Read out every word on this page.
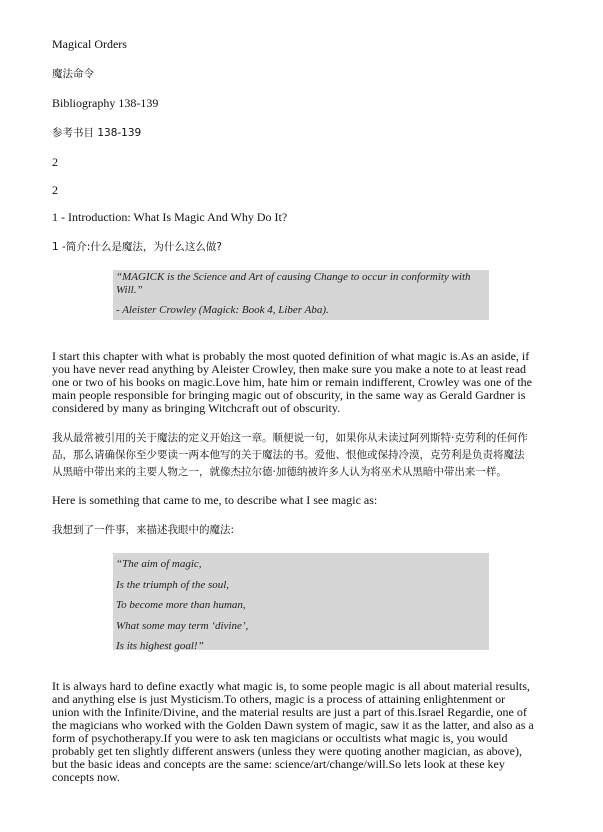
Magical Orders
魔法命令
Bibliography 138-139
参考书目 138-139
2
2
1 - Introduction: What Is Magic And Why Do It?
1 -简介:什么是魔法，为什么这么做?

“MAGICK is the Science and Art of causing Change to occur in conformity with

Will.”

- Aleister Crowley (Magick: Book 4, Liber Aba).

I start this chapter with what is probably the most quoted definition of what magic is.As an aside, if
you have never read anything by Aleister Crowley, then make sure you make a note to at least read
one or two of his books on magic.Love him, hate him or remain indifferent, Crowley was one of the
main people responsible for bringing magic out of obscurity, in the same way as Gerald Gardner is
considered by many as bringing Witchcraft out of obscurity.
我从最常被引用的关于魔法的定义开始这一章。顺便说一句，如果你从未读过阿列斯特·克劳利的任何作
品，那么请确保你至少要读一两本他写的关于魔法的书。爱他、恨他或保持冷漠，克劳利是负责将魔法
从黑暗中带出来的主要人物之一，就像杰拉尔德·加德纳被许多人认为将巫术从黑暗中带出来一样。
Here is something that came to me, to describe what I see magic as:
我想到了一件事，来描述我眼中的魔法:

“The aim of magic,

Is the triumph of the soul,

To become more than human,

What some may term ‘divine’,

Is its highest goal!”

It is always hard to define exactly what magic is, to some people magic is all about material results,
and anything else is just Mysticism.To others, magic is a process of attaining enlightenment or
union with the Infinite/Divine, and the material results are just a part of this.Israel Regardie, one of
the magicians who worked with the Golden Dawn system of magic, saw it as the latter, and also as a
form of psychotherapy.If you were to ask ten magicians or occultists what magic is, you would
probably get ten slightly different answers (unless they were quoting another magician, as above),
but the basic ideas and concepts are the same: science/art/change/will.So lets look at these key
concepts now.
